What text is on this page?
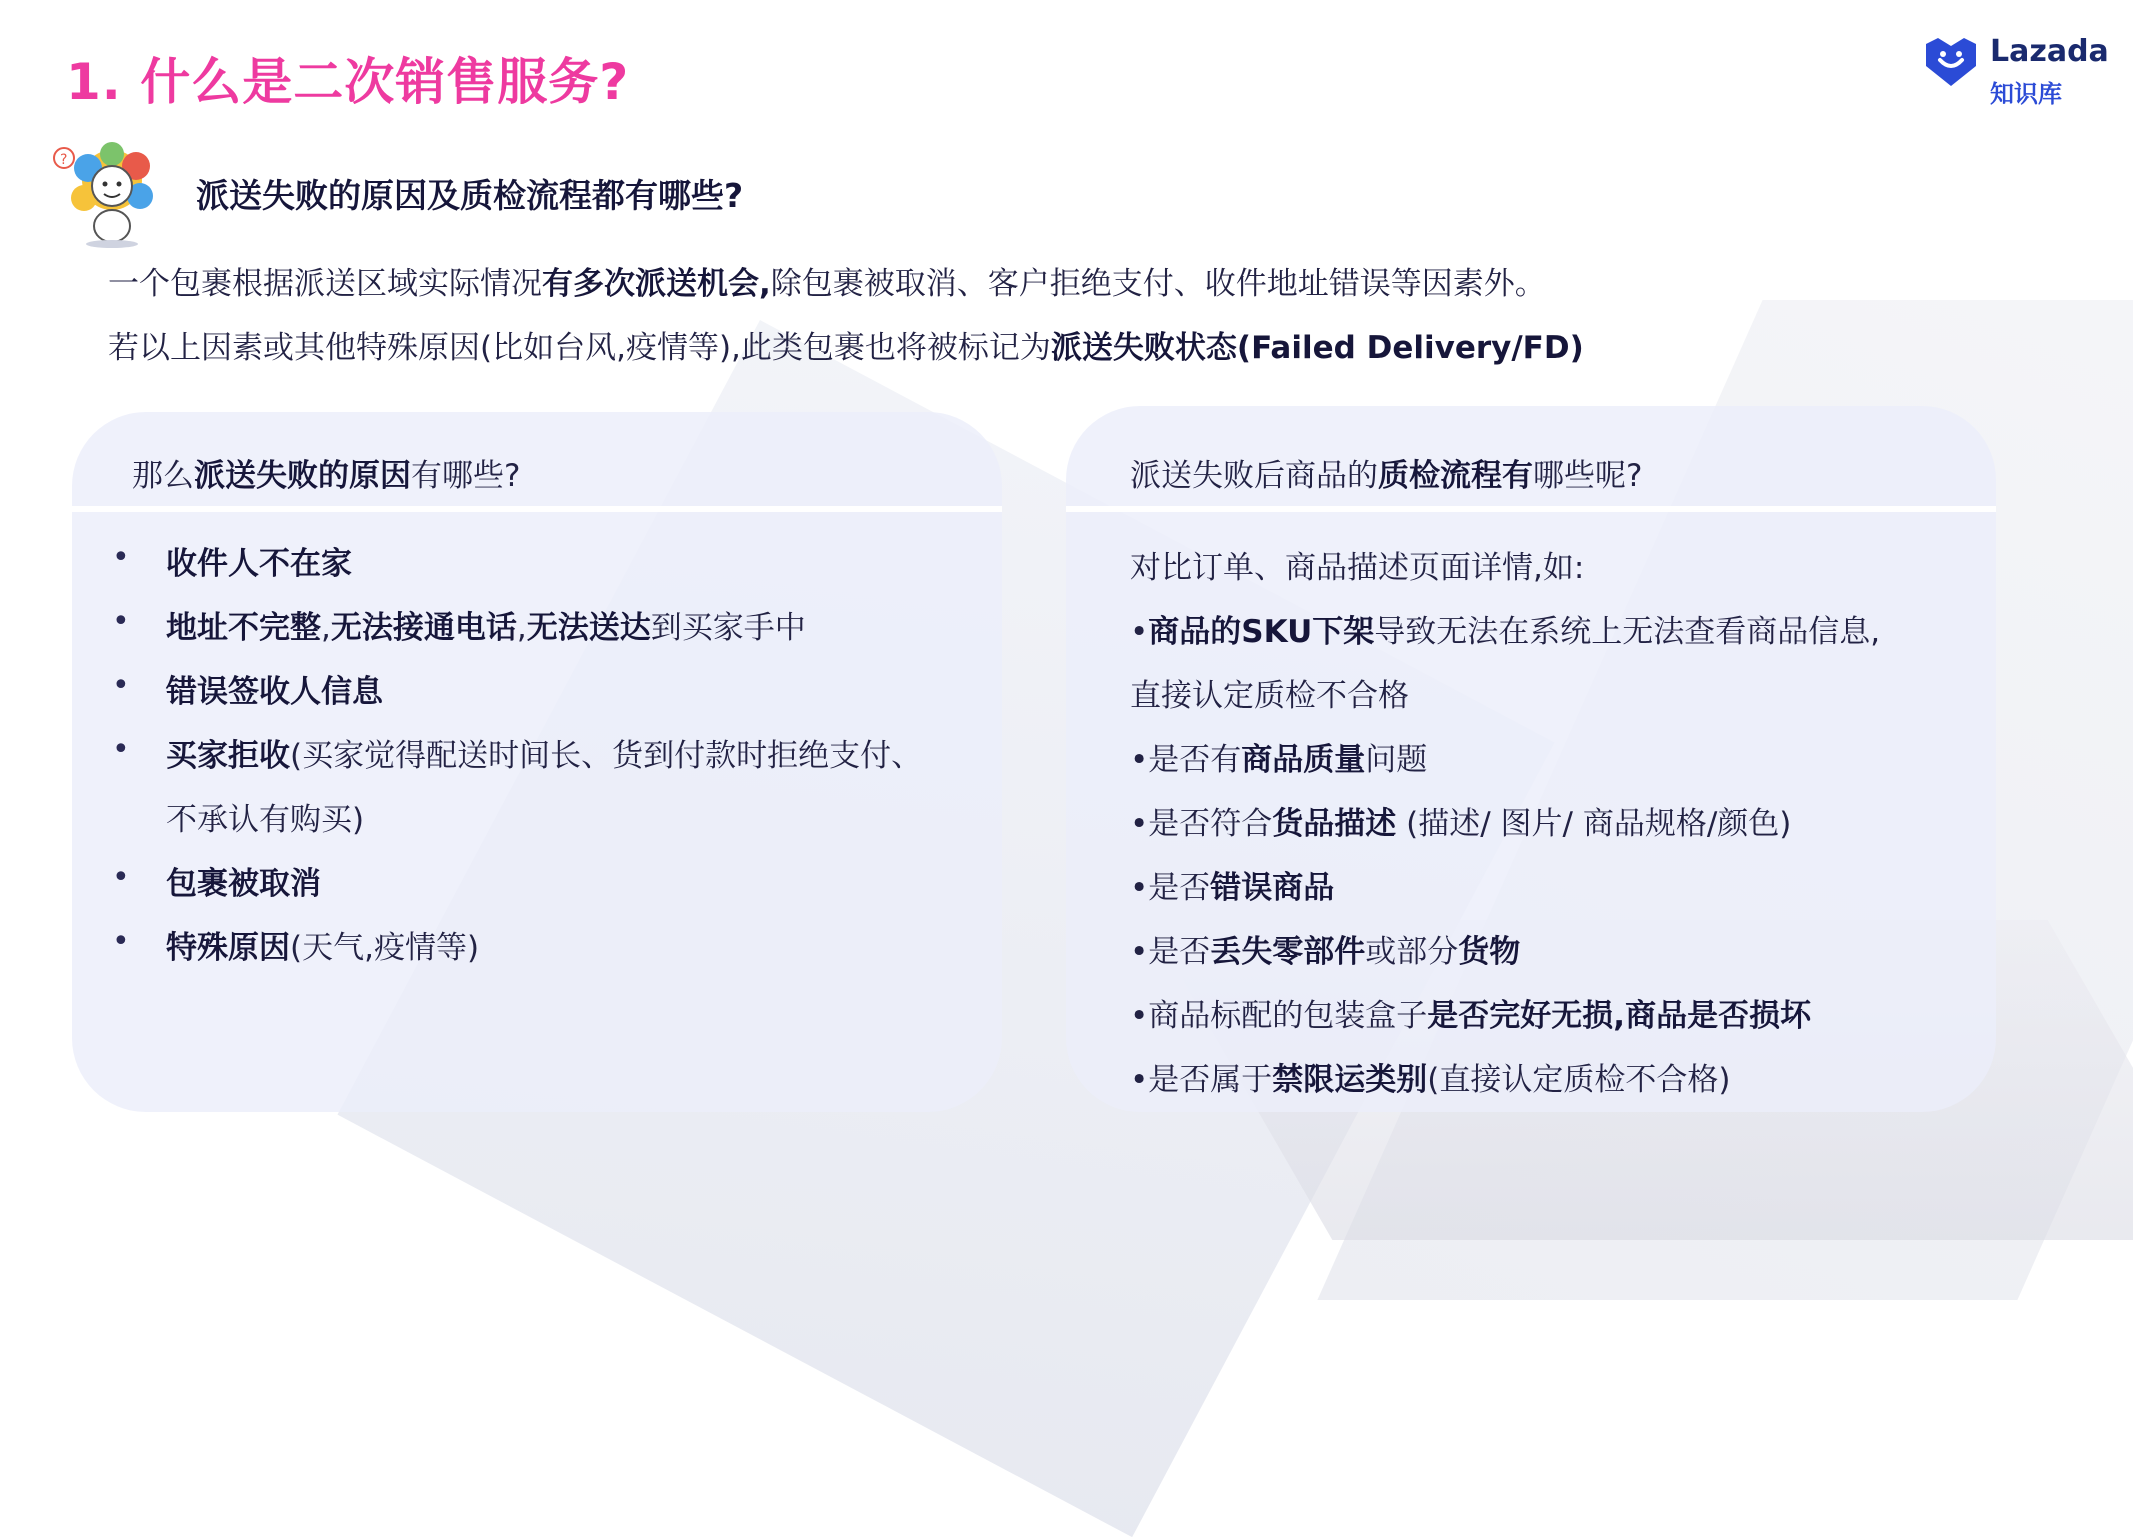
1. 什么是二次销售服务?
Lazada
知识库
?
派送失败的原因及质检流程都有哪些?
一个包裹根据派送区域实际情况有多次派送机会,除包裹被取消、客户拒绝支付、收件地址错误等因素外。
若以上因素或其他特殊原因(比如台风,疫情等),此类包裹也将被标记为派送失败状态(Failed Delivery/FD)
那么派送失败的原因有哪些?
• 收件人不在家
• 地址不完整,无法接通电话,无法送达到买家手中
• 错误签收人信息
• 买家拒收(买家觉得配送时间长、货到付款时拒绝支付、不承认有购买)
• 包裹被取消
• 特殊原因(天气,疫情等)
派送失败后商品的质检流程有哪些呢?
对比订单、商品描述页面详情,如:
•商品的SKU下架导致无法在系统上无法查看商品信息,
直接认定质检不合格
•是否有商品质量问题
•是否符合货品描述 (描述/ 图片/ 商品规格/颜色)
•是否错误商品
•是否丢失零部件或部分货物
•商品标配的包装盒子是否完好无损,商品是否损坏
•是否属于禁限运类别(直接认定质检不合格)
